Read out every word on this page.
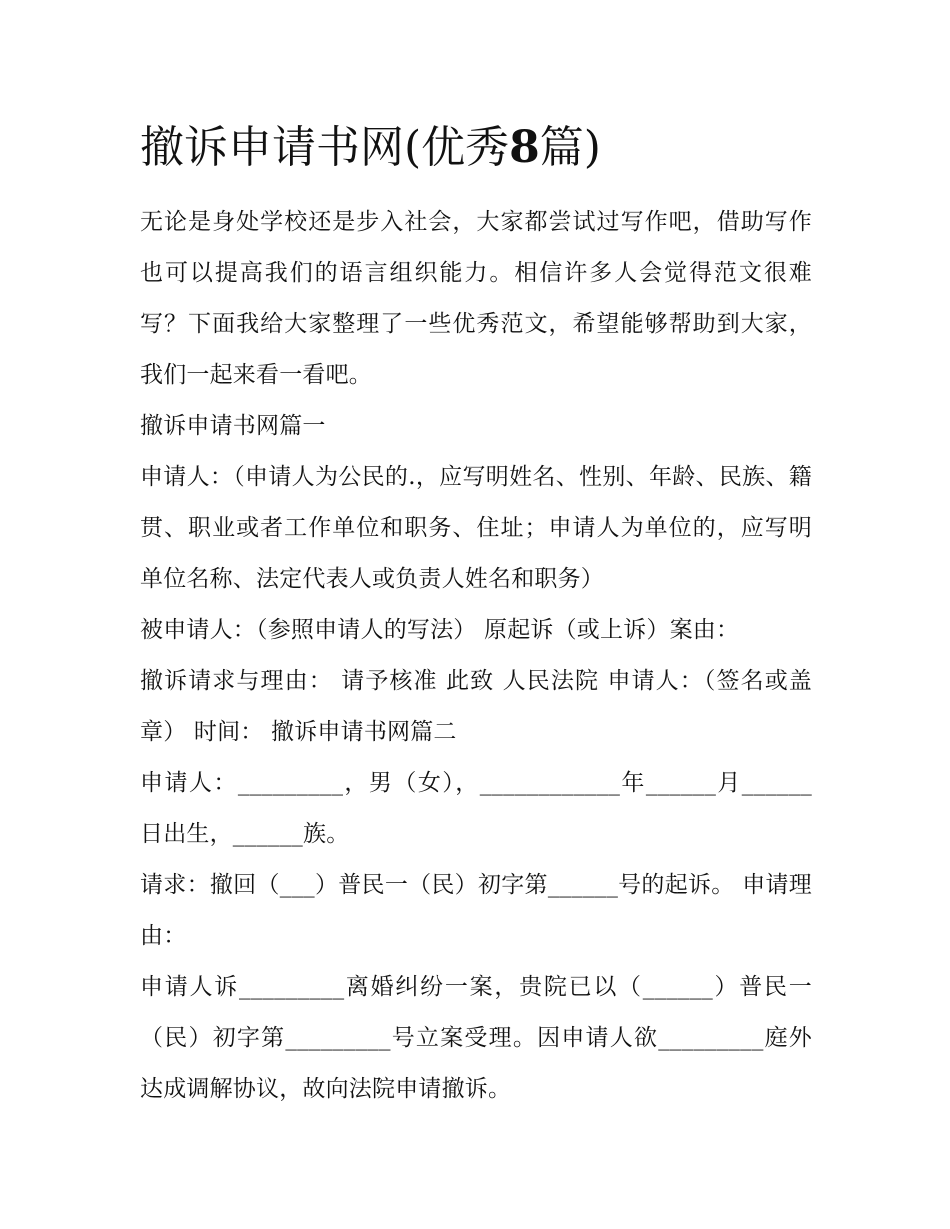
撤诉申请书网(优秀8篇)

无论是身处学校还是步入社会，大家都尝试过写作吧，借助写作也可以提高我们的语言组织能力。相信许多人会觉得范文很难写？下面我给大家整理了一些优秀范文，希望能够帮助到大家，我们一起来看一看吧。

撤诉申请书网篇一

申请人：（申请人为公民的.，应写明姓名、性别、年龄、民族、籍贯、职业或者工作单位和职务、住址；申请人为单位的，应写明单位名称、法定代表人或负责人姓名和职务）

被申请人：（参照申请人的写法） 原起诉（或上诉）案由：

撤诉请求与理由： 请予核准 此致 人民法院 申请人：（签名或盖章） 时间： 撤诉申请书网篇二

申请人：_________，男（女），____________年______月______日出生，______族。

请求：撤回（___）普民一（民）初字第______号的起诉。 申请理由：

申请人诉_________离婚纠纷一案，贵院已以（______）普民一（民）初字第_________号立案受理。因申请人欲_________庭外达成调解协议，故向法院申请撤诉。
